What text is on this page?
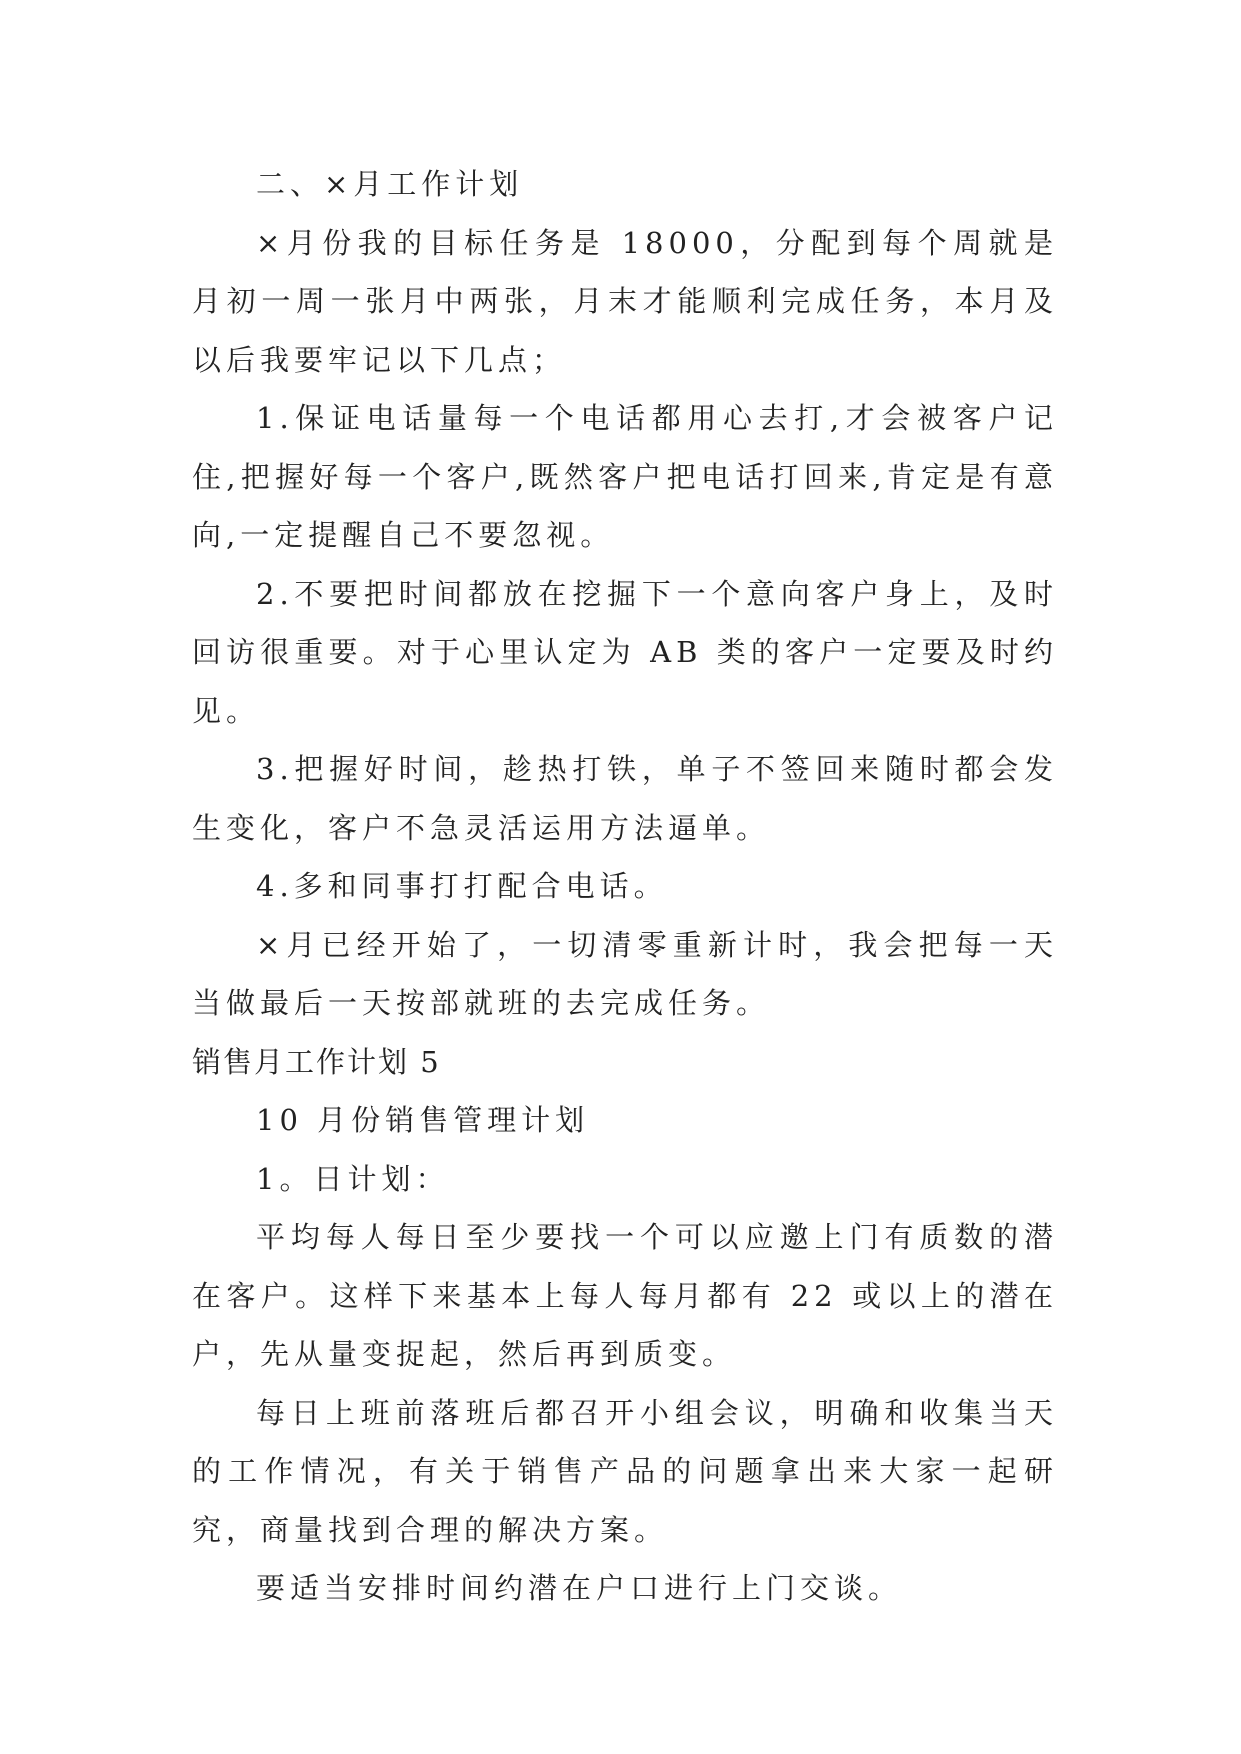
二、×月工作计划

×月份我的目标任务是 18000，分配到每个周就是月初一周一张月中两张，月末才能顺利完成任务，本月及以后我要牢记以下几点；

1.保证电话量每一个电话都用心去打,才会被客户记住,把握好每一个客户,既然客户把电话打回来,肯定是有意向,一定提醒自己不要忽视。

2.不要把时间都放在挖掘下一个意向客户身上，及时回访很重要。对于心里认定为 AB 类的客户一定要及时约见。

3.把握好时间，趁热打铁，单子不签回来随时都会发生变化，客户不急灵活运用方法逼单。

4.多和同事打打配合电话。

×月已经开始了，一切清零重新计时，我会把每一天当做最后一天按部就班的去完成任务。

销售月工作计划 5

10 月份销售管理计划

1。日计划：

平均每人每日至少要找一个可以应邀上门有质数的潜在客户。这样下来基本上每人每月都有 22 或以上的潜在户，先从量变捉起，然后再到质变。

每日上班前落班后都召开小组会议，明确和收集当天的工作情况，有关于销售产品的问题拿出来大家一起研究，商量找到合理的解决方案。

要适当安排时间约潜在户口进行上门交谈。
